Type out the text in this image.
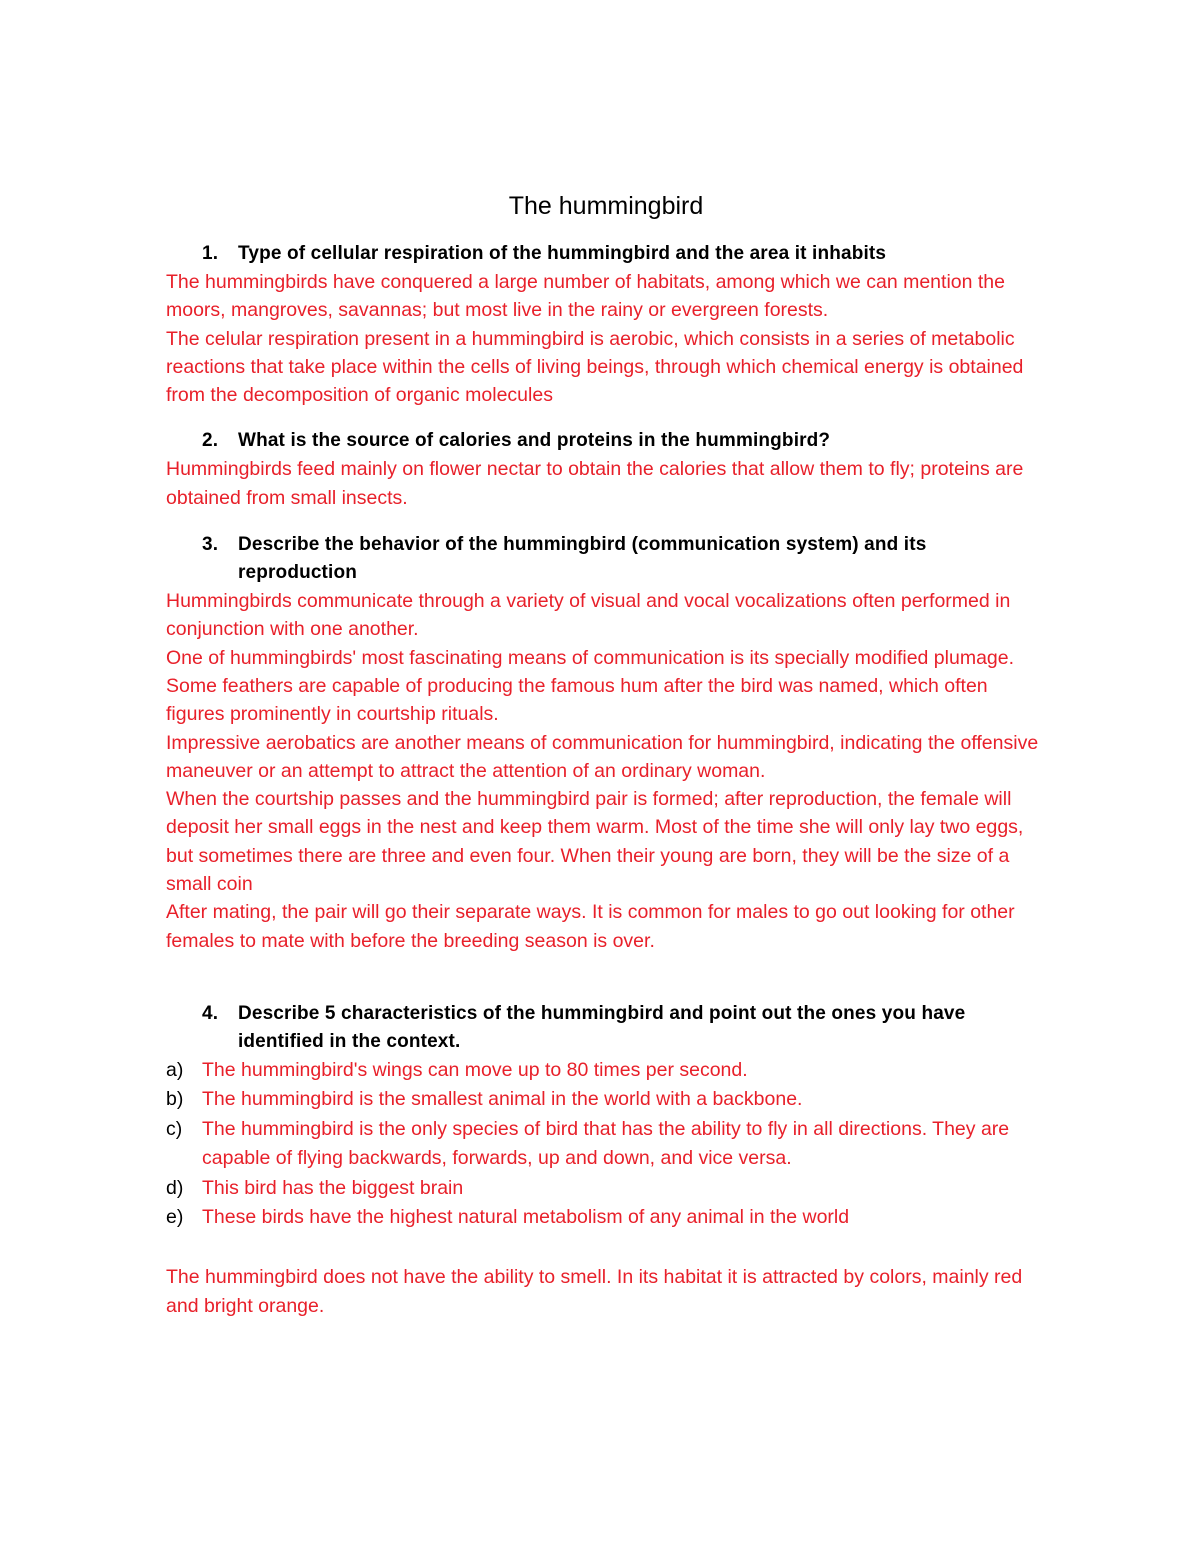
The hummingbird
1.	Type of cellular respiration of the hummingbird and the area it inhabits

The hummingbirds have conquered a large number of habitats, among which we can mention the moors, mangroves, savannas; but most live in the rainy or evergreen forests.

The celular respiration present in a hummingbird is aerobic, which consists in a series of metabolic reactions that take place within the cells of living beings, through which chemical energy is obtained from the decomposition of organic molecules

2.	What is the source of calories and proteins in the hummingbird?

Hummingbirds feed mainly on flower nectar to obtain the calories that allow them to fly; proteins are obtained from small insects.

3.	Describe the behavior of the hummingbird (communication system) and its reproduction

Hummingbirds communicate through a variety of visual and vocal vocalizations often performed in conjunction with one another.

One of hummingbirds' most fascinating means of communication is its specially modified plumage. Some feathers are capable of producing the famous hum after the bird was named, which often figures prominently in courtship rituals.

Impressive aerobatics are another means of communication for hummingbird, indicating the offensive maneuver or an attempt to attract the attention of an ordinary woman.

When the courtship passes and the hummingbird pair is formed; after reproduction, the female will deposit her small eggs in the nest and keep them warm. Most of the time she will only lay two eggs, but sometimes there are three and even four. When their young are born, they will be the size of a small coin

After mating, the pair will go their separate ways. It is common for males to go out looking for other females to mate with before the breeding season is over.

4.	Describe 5 characteristics of the hummingbird and point out the ones you have identified in the context.
a) The hummingbird's wings can move up to 80 times per second.
b) The hummingbird is the smallest animal in the world with a backbone.
c)	The hummingbird is the only species of bird that has the ability to fly in all directions. They are capable of flying backwards, forwards, up and down, and vice versa.
d) This bird has the biggest brain
e) These birds have the highest natural metabolism of any animal in the world

The hummingbird does not have the ability to smell. In its habitat it is attracted by colors, mainly red and bright orange.
